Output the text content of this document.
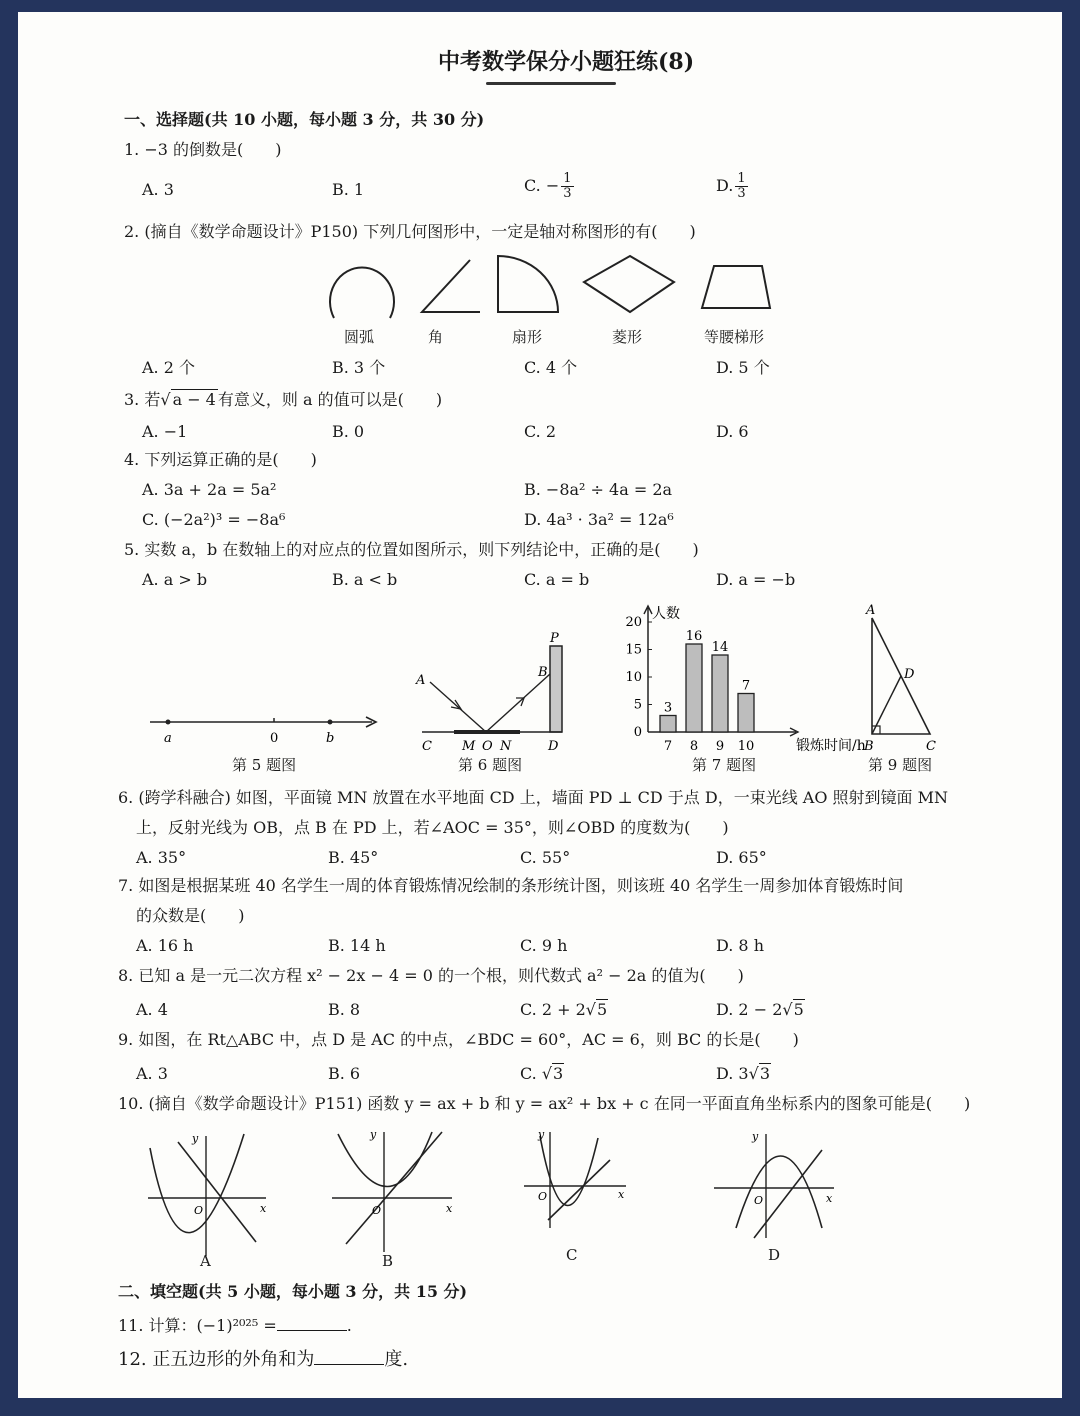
中考数学保分小题狂练(8)
一、选择题(共 10 小题，每小题 3 分，共 30 分)
1. −3 的倒数是(　　)
A. 3	B. 1	C. − $\frac{1}{3}$	D. $\frac{1}{3}$
2. (摘自《数学命题设计》P150) 下列几何图形中，一定是轴对称图形的有(　　)
圆弧	角	扇形	菱形	等腰梯形
A. 2 个	B. 3 个	C. 4 个	D. 5 个
3. 若√ a − 4 有意义，则 a 的值可以是(　　)
A. −1	B. 0	C. 2	D. 6
4. 下列运算正确的是(　　)
A. 3a + 2a = 5a²	B. −8a² ÷ 4a = 2a
C. (−2a²)³ = −8a⁶	D. 4a³ · 3a² = 12a⁶
5. 实数 a，b 在数轴上的对应点的位置如图所示，则下列结论中，正确的是(　　)
A. a > b	B. a < b	C. a = b	D. a = −b
a	0	b
第 5 题图
A
P
B
C M O N	D
第 6 题图
人数
锻炼时间/h
0
5
10
15
20
3
7
16
8
14
9
7
10
第 7 题图
A
D
B	C
第 9 题图
6. (跨学科融合) 如图，平面镜 MN 放置在水平地面 CD 上，墙面 PD ⊥ CD 于点 D，一束光线 AO 照射到镜面 MN
上，反射光线为 OB，点 B 在 PD 上，若∠AOC = 35°，则∠OBD 的度数为(　　)
A. 35°	B. 45°	C. 55°	D. 65°
7. 如图是根据某班 40 名学生一周的体育锻炼情况绘制的条形统计图，则该班 40 名学生一周参加体育锻炼时间
的众数是(　　)
A. 16 h	B. 14 h	C. 9 h	D. 8 h
8. 已知 a 是一元二次方程 x² − 2x − 4 = 0 的一个根，则代数式 a² − 2a 的值为(　　)
A. 4	B. 8	C. 2 + 2√5	D. 2 − 2√5
9. 如图，在 Rt△ABC 中，点 D 是 AC 的中点，∠BDC = 60°，AC = 6，则 BC 的长是(　　)
A. 3	B. 6	C. √3	D. 3√3
10. (摘自《数学命题设计》P151) 函数 y = ax + b 和 y = ax² + bx + c 在同一平面直角坐标系内的图象可能是(　　)
y
x
O
A
y
x
O
B
y
x
O
C
y
x
O
D
二、填空题(共 5 小题，每小题 3 分，共 15 分)
11. 计算：(−1)²⁰²⁵ =	.
12. 正五边形的外角和为	度.
